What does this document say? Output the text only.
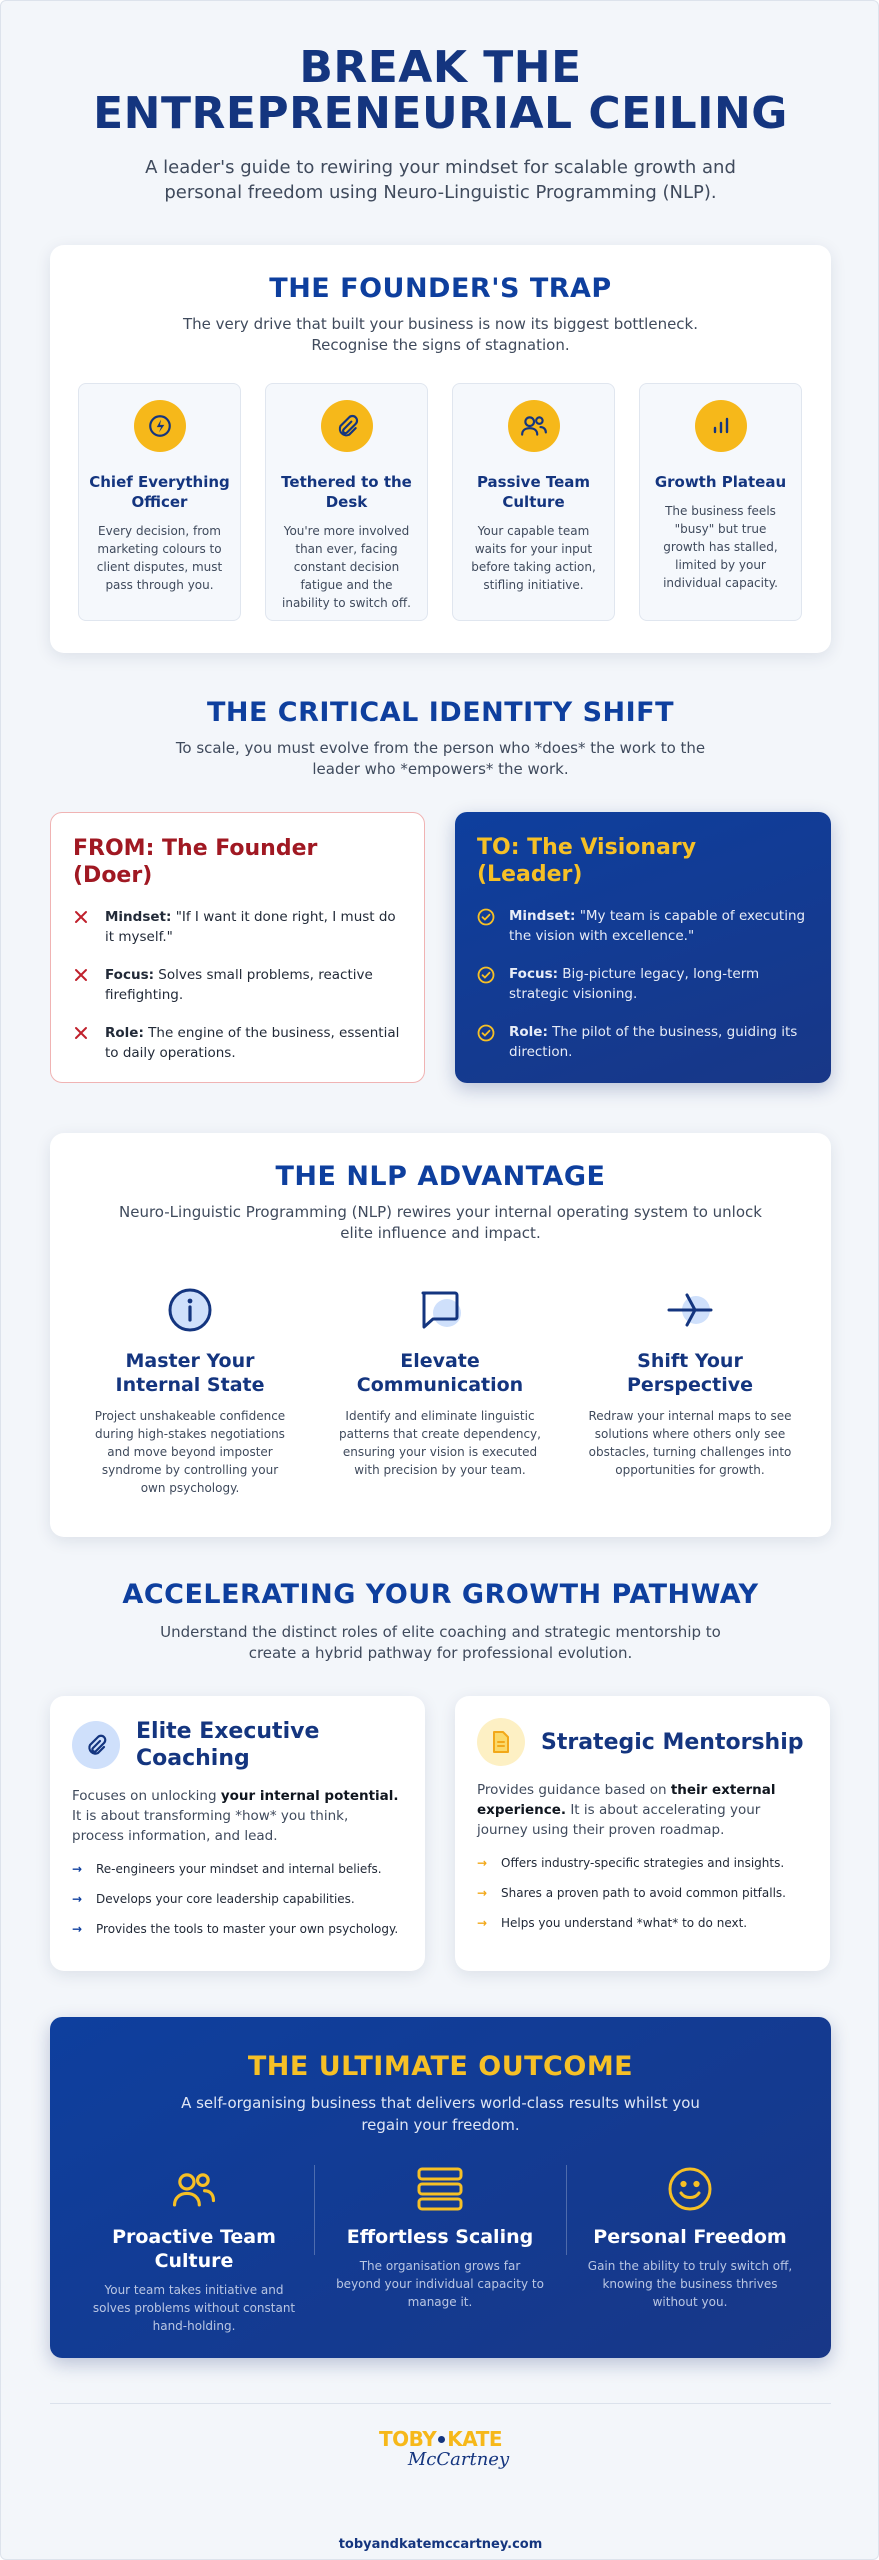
BREAK THE ENTREPRENEURIAL CEILING

A leader's guide to rewiring your mindset for scalable growth and personal freedom using Neuro-Linguistic Programming (NLP).

THE FOUNDER'S TRAP
The very drive that built your business is now its biggest bottleneck. Recognise the signs of stagnation.
Chief Everything Officer

Every decision, from marketing colours to client disputes, must pass through you.

Tethered to the Desk

You're more involved than ever, facing constant decision fatigue and the inability to switch off.

Passive Team Culture

Your capable team waits for your input before taking action, stifling initiative.

Growth Plateau

The business feels "busy" but true growth has stalled, limited by your individual capacity.

THE CRITICAL IDENTITY SHIFT
To scale, you must evolve from the person who *does* the work to the leader who *empowers* the work.
FROM: The Founder (Doer)
Mindset: "If I want it done right, I must do it myself."
Focus: Solves small problems, reactive firefighting.
Role: The engine of the business, essential to daily operations.
TO: The Visionary (Leader)
Mindset: "My team is capable of executing the vision with excellence."
Focus: Big-picture legacy, long-term strategic visioning.
Role: The pilot of the business, guiding its direction.
THE NLP ADVANTAGE
Neuro-Linguistic Programming (NLP) rewires your internal operating system to unlock elite influence and impact.
Master Your Internal State

Project unshakeable confidence during high-stakes negotiations and move beyond imposter syndrome by controlling your own psychology.

Elevate Communication

Identify and eliminate linguistic patterns that create dependency, ensuring your vision is executed with precision by your team.

Shift Your Perspective

Redraw your internal maps to see solutions where others only see obstacles, turning challenges into opportunities for growth.

ACCELERATING YOUR GROWTH PATHWAY
Understand the distinct roles of elite coaching and strategic mentorship to create a hybrid pathway for professional evolution.
Elite Executive Coaching
Focuses on unlocking your internal potential. It is about transforming *how* you think, process information, and lead.
→	Re-engineers your mindset and internal beliefs.
→	Develops your core leadership capabilities.
→	Provides the tools to master your own psychology.
Strategic Mentorship
Provides guidance based on their external experience. It is about accelerating your journey using their proven roadmap.
→	Offers industry-specific strategies and insights.
→	Shares a proven path to avoid common pitfalls.
→	Helps you understand *what* to do next.
THE ULTIMATE OUTCOME
A self-organising business that delivers world-class results whilst you regain your freedom.
Proactive Team Culture

Your team takes initiative and solves problems without constant hand-holding.

Effortless Scaling

The organisation grows far beyond your individual capacity to manage it.

Personal Freedom

Gain the ability to truly switch off, knowing the business thrives without you.

TOBY KATE
McCartney
tobyandkatemccartney.com
